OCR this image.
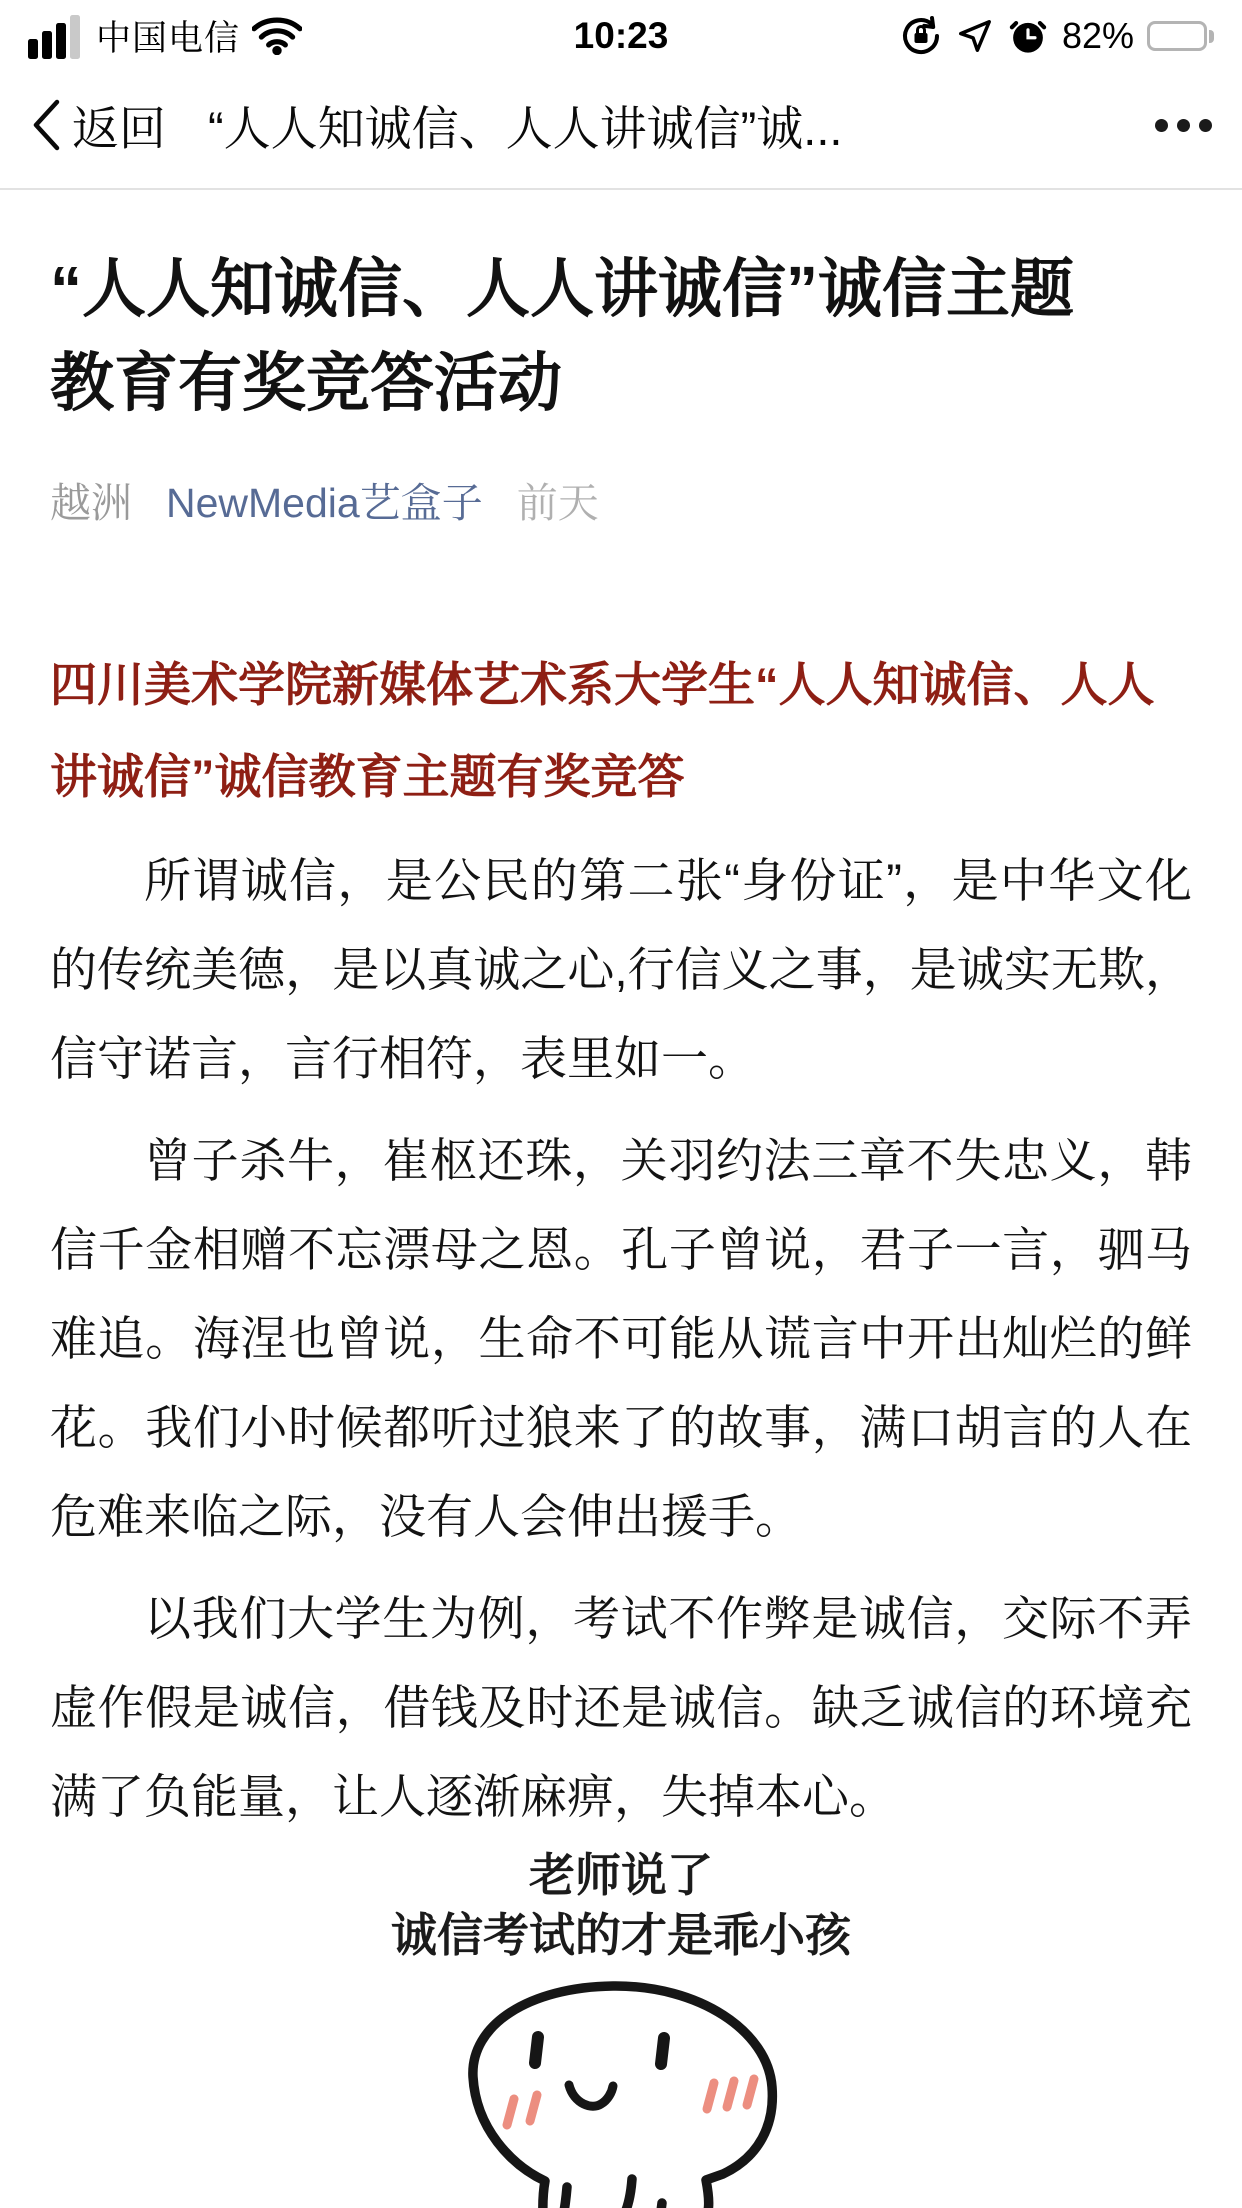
中国电信	10:23	82%
返回 “人人知诚信、人人讲诚信”诚...
“人人知诚信、人人讲诚信”诚信主题
教育有奖竞答活动
越洲 NewMedia艺盒子 前天
四川美术学院新媒体艺术系大学生“人人知诚信、人人讲诚信”诚信教育主题有奖竞答

所谓诚信，是公民的第二张“身份证”，是中华文化的传统美德，是以真诚之心,行信义之事，是诚实无欺，信守诺言，言行相符，表里如一。

曾子杀牛，崔枢还珠，关羽约法三章不失忠义，韩信千金相赠不忘漂母之恩。孔子曾说，君子一言，驷马难追。海涅也曾说，生命不可能从谎言中开出灿烂的鲜花。我们小时候都听过狼来了的故事，满口胡言的人在危难来临之际，没有人会伸出援手。

以我们大学生为例，考试不作弊是诚信，交际不弄虚作假是诚信，借钱及时还是诚信。缺乏诚信的环境充满了负能量，让人逐渐麻痹，失掉本心。

老师说了
诚信考试的才是乖小孩
